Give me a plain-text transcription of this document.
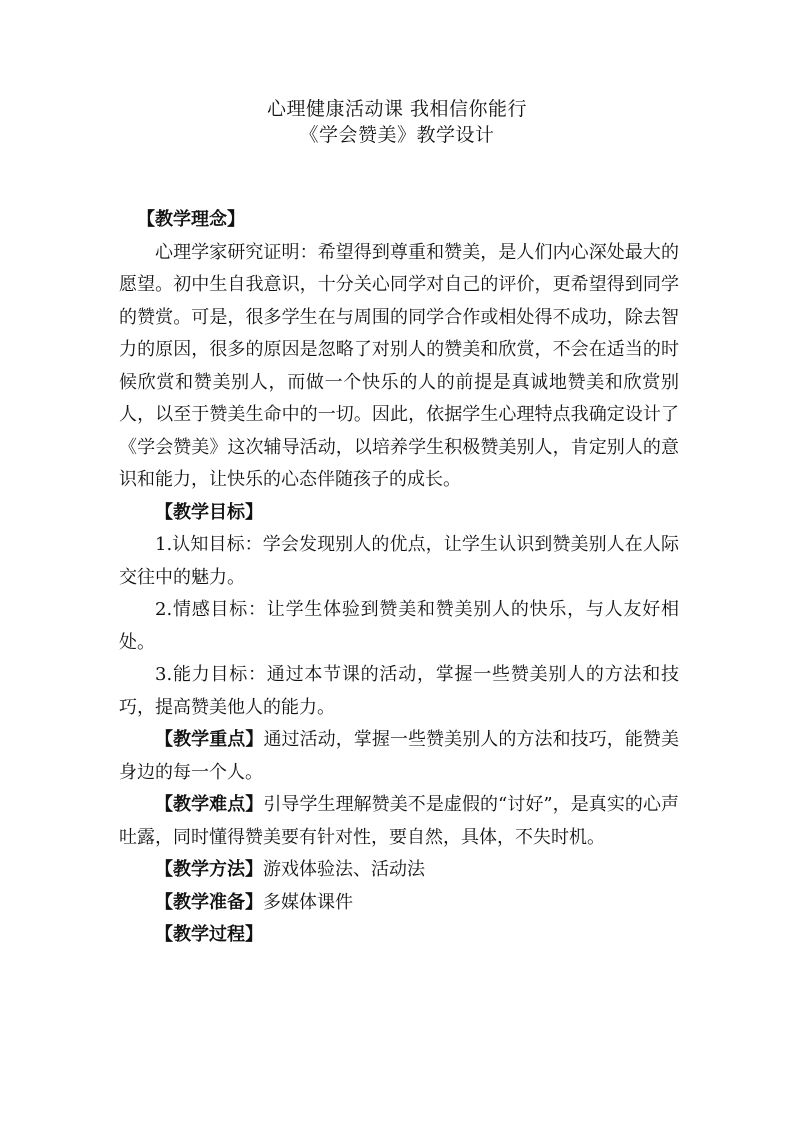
心理健康活动课 我相信你能行
《学会赞美》教学设计

【教学理念】

心理学家研究证明：希望得到尊重和赞美，是人们内心深处最大的愿望。初中生自我意识，十分关心同学对自己的评价，更希望得到同学的赞赏。可是，很多学生在与周围的同学合作或相处得不成功，除去智力的原因，很多的原因是忽略了对别人的赞美和欣赏，不会在适当的时候欣赏和赞美别人，而做一个快乐的人的前提是真诚地赞美和欣赏别人，以至于赞美生命中的一切。因此，依据学生心理特点我确定设计了《学会赞美》这次辅导活动，以培养学生积极赞美别人，肯定别人的意识和能力，让快乐的心态伴随孩子的成长。

【教学目标】

1.认知目标：学会发现别人的优点，让学生认识到赞美别人在人际交往中的魅力。

2.情感目标：让学生体验到赞美和赞美别人的快乐，与人友好相处。

3.能力目标：通过本节课的活动，掌握一些赞美别人的方法和技巧，提高赞美他人的能力。

【教学重点】通过活动，掌握一些赞美别人的方法和技巧，能赞美身边的每一个人。

【教学难点】引导学生理解赞美不是虚假的“讨好”，是真实的心声吐露，同时懂得赞美要有针对性，要自然，具体，不失时机。

【教学方法】游戏体验法、活动法

【教学准备】多媒体课件

【教学过程】
